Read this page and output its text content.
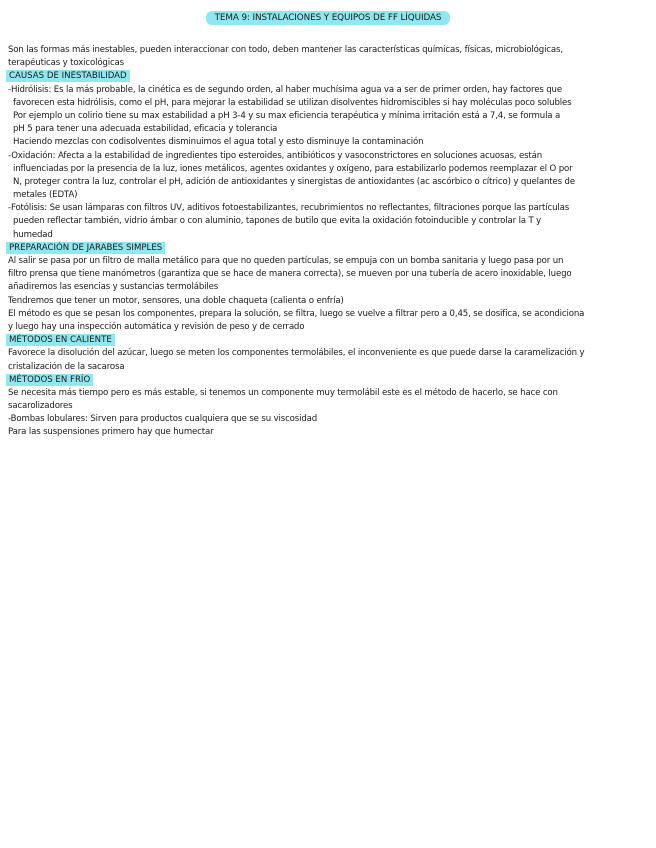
TEMA 9: INSTALACIONES Y EQUIPOS DE FF LÍQUIDAS
Son las formas más inestables, pueden interaccionar con todo, deben mantener las características químicas, físicas, microbiológicas,
terapéuticas y toxicológicas
CAUSAS DE INESTABILIDAD
-Hidrólisis: Es la más probable, la cinética es de segundo orden, al haber muchísima agua va a ser de primer orden, hay factores que
favorecen esta hidrólisis, como el pH, para mejorar la estabilidad se utilizan disolventes hidromiscibles si hay moléculas poco solubles
Por ejemplo un colirio tiene su max estabilidad a pH 3-4 y su max eficiencia terapéutica y mínima irritación está a 7,4, se formula a
pH 5 para tener una adecuada estabilidad, eficacia y tolerancia
Haciendo mezclas con codisolventes disminuimos el agua total y esto disminuye la contaminación
-Oxidación: Afecta a la estabilidad de ingredientes tipo esteroides, antibióticos y vasoconstrictores en soluciones acuosas, están
influenciadas por la presencia de la luz, iones metálicos, agentes oxidantes y oxígeno, para estabilizarlo podemos reemplazar el O por
N, proteger contra la luz, controlar el pH, adición de antioxidantes y sinergistas de antioxidantes (ac ascórbico o cítrico) y quelantes de
metales (EDTA)
-Fotólisis: Se usan lámparas con filtros UV, aditivos fotoestabilizantes, recubrimientos no reflectantes, filtraciones porque las partículas
pueden reflectar también, vidrio ámbar o con aluminio, tapones de butilo que evita la oxidación fotoinducible y controlar la T y
humedad
PREPARACIÓN DE JARABES SIMPLES
Al salir se pasa por un filtro de malla metálico para que no queden partículas, se empuja con un bomba sanitaria y luego pasa por un
filtro prensa que tiene manómetros (garantiza que se hace de manera correcta), se mueven por una tubería de acero inoxidable, luego
añadiremos las esencias y sustancias termolábiles
Tendremos que tener un motor, sensores, una doble chaqueta (calienta o enfría)
El método es que se pesan los componentes, prepara la solución, se filtra, luego se vuelve a filtrar pero a 0,45, se dosifica, se acondiciona
y luego hay una inspección automática y revisión de peso y de cerrado
MÉTODOS EN CALIENTE
Favorece la disolución del azúcar, luego se meten los componentes termolábiles, el inconveniente es que puede darse la caramelización y
cristalización de la sacarosa
MÉTODOS EN FRÍO
Se necesita más tiempo pero es más estable, si tenemos un componente muy termolábil este es el método de hacerlo, se hace con
sacarolizadores
-Bombas lobulares: Sirven para productos cualquiera que se su viscosidad
Para las suspensiones primero hay que humectar
